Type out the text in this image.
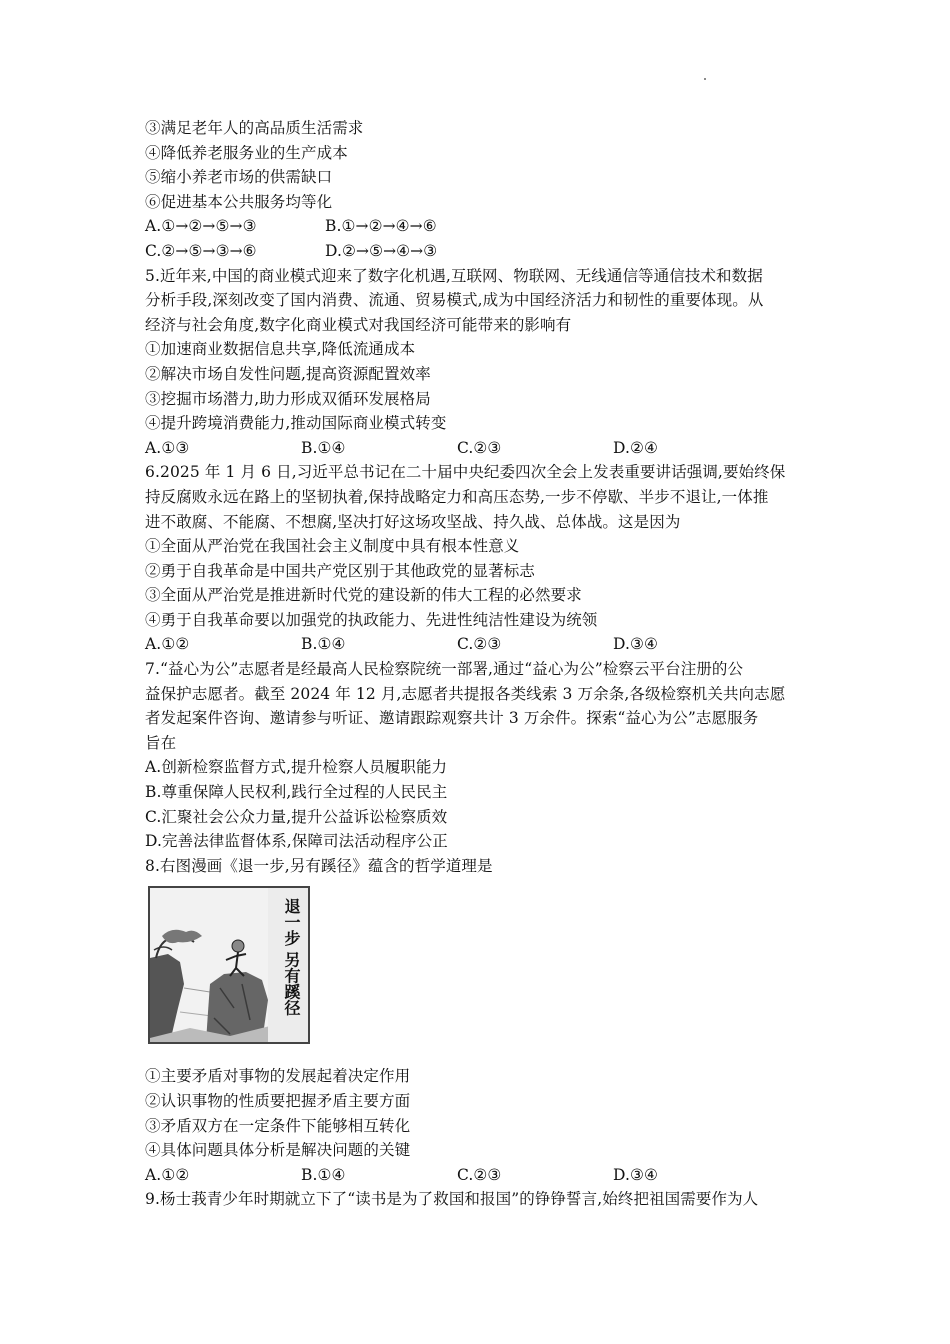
③满足老年人的高品质生活需求
④降低养老服务业的生产成本
⑤缩小养老市场的供需缺口
⑥促进基本公共服务均等化
A.①→②→⑤→③	B.①→②→④→⑥
C.②→⑤→③→⑥	D.②→⑤→④→③
5.近年来,中国的商业模式迎来了数字化机遇,互联网、物联网、无线通信等通信技术和数据
分析手段,深刻改变了国内消费、流通、贸易模式,成为中国经济活力和韧性的重要体现。从
经济与社会角度,数字化商业模式对我国经济可能带来的影响有
①加速商业数据信息共享,降低流通成本
②解决市场自发性问题,提高资源配置效率
③挖掘市场潜力,助力形成双循环发展格局
④提升跨境消费能力,推动国际商业模式转变
A.①③	B.①④	C.②③	D.②④
6.2025 年 1 月 6 日,习近平总书记在二十届中央纪委四次全会上发表重要讲话强调,要始终保
持反腐败永远在路上的坚韧执着,保持战略定力和高压态势,一步不停歇、半步不退让,一体推
进不敢腐、不能腐、不想腐,坚决打好这场攻坚战、持久战、总体战。这是因为
①全面从严治党在我国社会主义制度中具有根本性意义
②勇于自我革命是中国共产党区别于其他政党的显著标志
③全面从严治党是推进新时代党的建设新的伟大工程的必然要求
④勇于自我革命要以加强党的执政能力、先进性纯洁性建设为统领
A.①②	B.①④	C.②③	D.③④
7.“益心为公”志愿者是经最高人民检察院统一部署,通过“益心为公”检察云平台注册的公
益保护志愿者。截至 2024 年 12 月,志愿者共提报各类线索 3 万余条,各级检察机关共向志愿
者发起案件咨询、邀请参与听证、邀请跟踪观察共计 3 万余件。探索“益心为公”志愿服务
旨在
A.创新检察监督方式,提升检察人员履职能力
B.尊重保障人民权利,践行全过程的人民民主
C.汇聚社会公众力量,提升公益诉讼检察质效
D.完善法律监督体系,保障司法活动程序公正
8.右图漫画《退一步,另有蹊径》蕴含的哲学道理是
退一步 另有蹊径
①主要矛盾对事物的发展起着决定作用
②认识事物的性质要把握矛盾主要方面
③矛盾双方在一定条件下能够相互转化
④具体问题具体分析是解决问题的关键
A.①②	B.①④	C.②③	D.③④
9.杨士莪青少年时期就立下了“读书是为了救国和报国”的铮铮誓言,始终把祖国需要作为人
